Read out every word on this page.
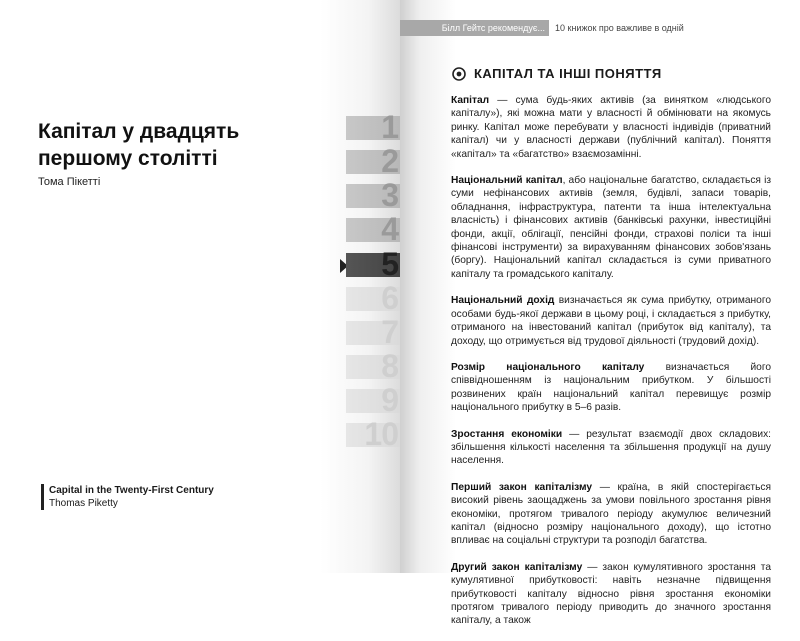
Капітал у двадцять першому столітті
Тома Пікетті
Capital in the Twenty-First Century
Thomas Piketty
1
2
3
4
5
6
7
8
9
10
Білл Гейтс рекомендує...	10 книжок про важливе в одній
КАПІТАЛ ТА ІНШІ ПОНЯТТЯ

Капітал — сума будь-яких активів (за винятком «людського капіталу»), які можна мати у власності й обмінювати на якомусь ринку. Капітал може перебувати у власності індивідів (приватний капітал) чи у власності держави (публічний капітал). Поняття «капітал» та «багатство» взаємозамінні.

Національний капітал, або національне багатство, складається із суми нефінансових активів (земля, будівлі, запаси товарів, обладнання, інфраструктура, патенти та інша інтелектуальна власність) і фінансових активів (банківські рахунки, інвестиційні фонди, акції, облігації, пенсійні фонди, страхові поліси та інші фінансові інструменти) за вирахуванням фінансових зобов'язань (боргу). Національний капітал складається із суми приватного капіталу та громадського капіталу.

Національний дохід визначається як сума прибутку, отриманого особами будь-якої держави в цьому році, і складається з прибутку, отриманого на інвестований капітал (прибуток від капіталу), та доходу, що отримується від трудової діяльності (трудовий дохід).

Розмір національного капіталу визначається його співвідношенням із національним прибутком. У більшості розвинених країн національний капітал перевищує розмір національного прибутку в 5–6 разів.

Зростання економіки — результат взаємодії двох складових: збільшення кількості населення та збільшення продукції на душу населення.

Перший закон капіталізму — країна, в якій спостерігається високий рівень заощаджень за умови повільного зростання рівня економіки, протягом тривалого періоду акумулює величезний капітал (відносно розміру національного доходу), що істотно впливає на соціальні структури та розподіл багатства.

Другий закон капіталізму — закон кумулятивного зростання та кумулятивної прибутковості: навіть незначне підвищення прибутковості капіталу відносно рівня зростання економіки протягом тривалого періоду приводить до значного зростання капіталу, а також
